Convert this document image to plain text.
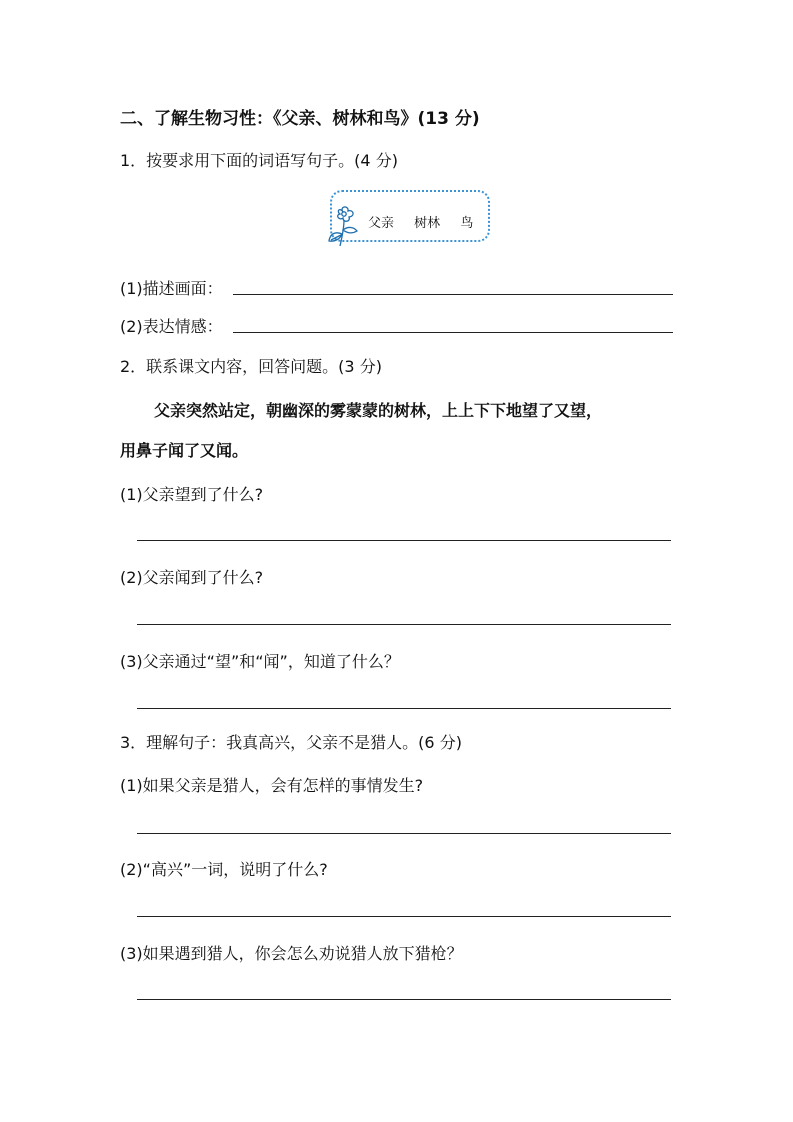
二、了解生物习性：《父亲、树林和鸟》(13 分)
1．按要求用下面的词语写句子。(4 分)
父亲 树林 鸟
(1)描述画面：
(2)表达情感：
2．联系课文内容，回答问题。(3 分)
父亲突然站定，朝幽深的雾蒙蒙的树林，上上下下地望了又望，
用鼻子闻了又闻。
(1)父亲望到了什么?
(2)父亲闻到了什么?
(3)父亲通过“望”和“闻”，知道了什么？
3．理解句子：我真高兴，父亲不是猎人。(6 分)
(1)如果父亲是猎人，会有怎样的事情发生?
(2)“高兴”一词，说明了什么?
(3)如果遇到猎人，你会怎么劝说猎人放下猎枪？
